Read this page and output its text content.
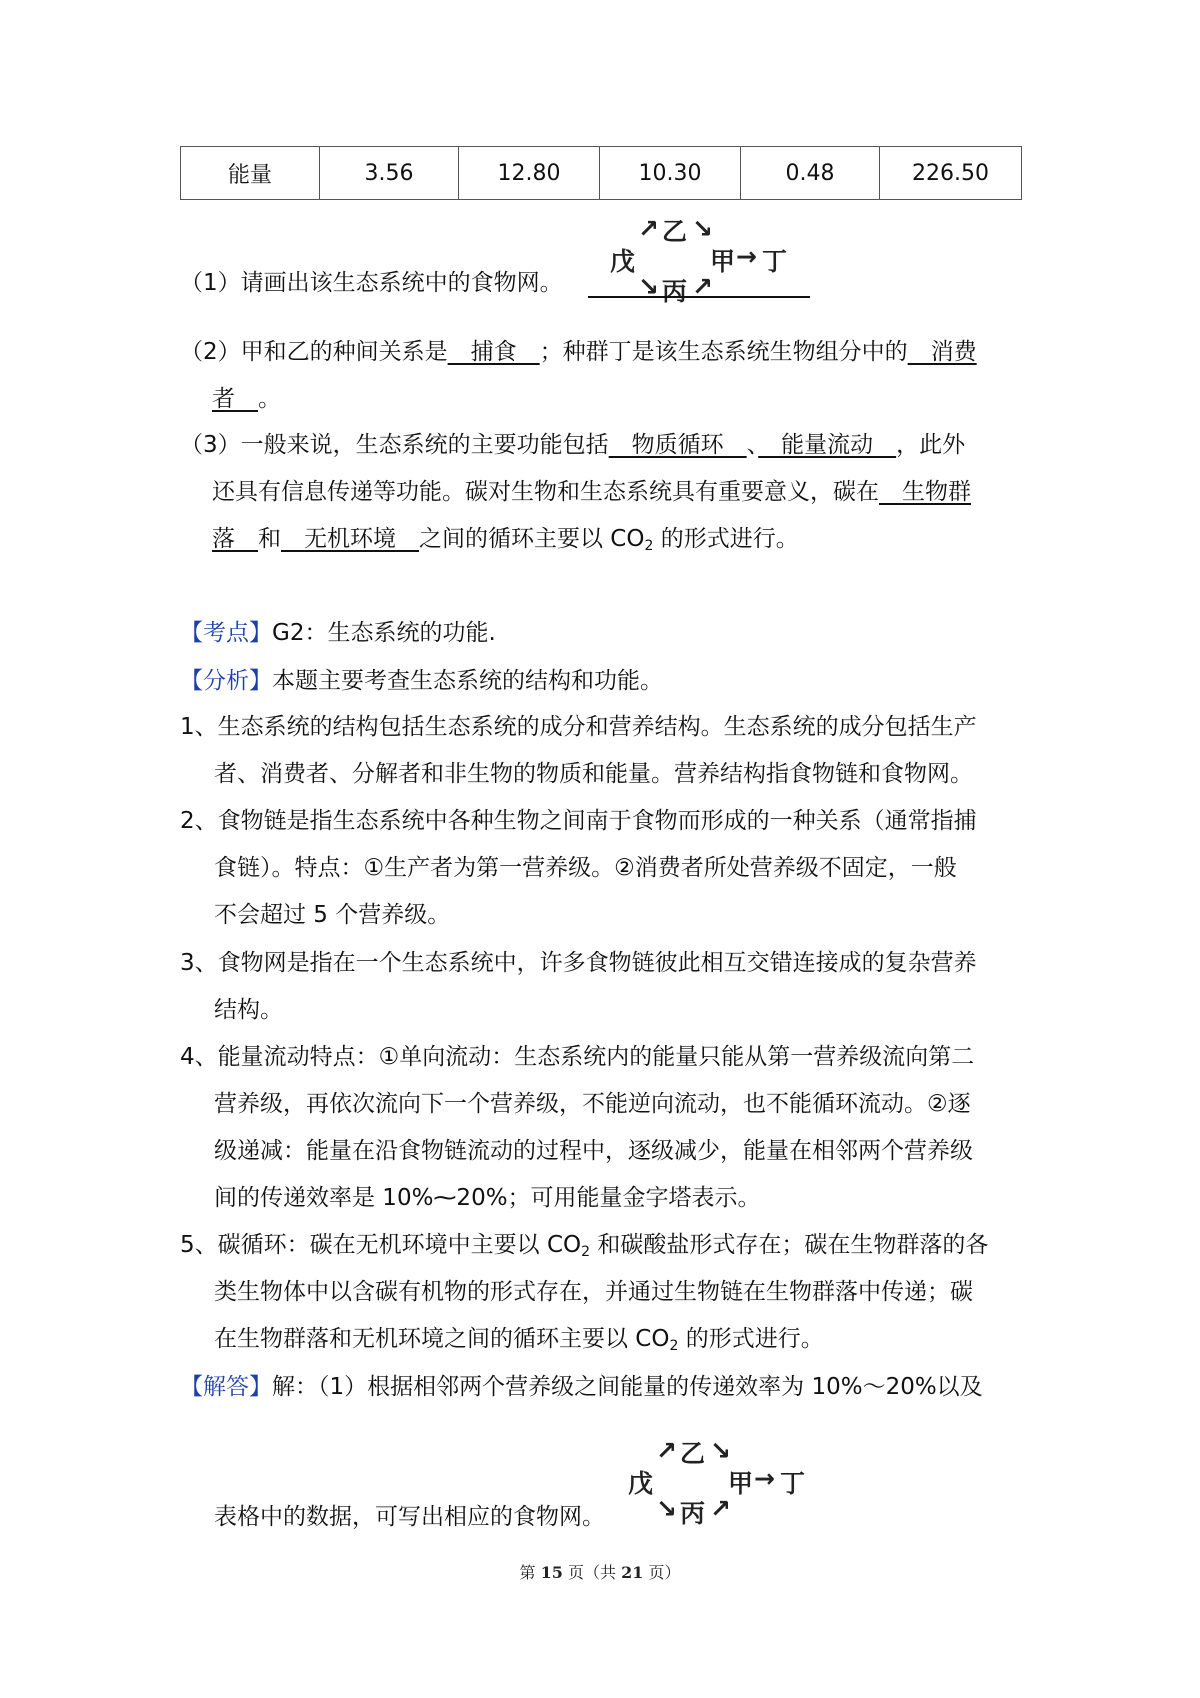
能量	3.56	12.80	10.30	0.48	226.50
↗ 乙 ↘
戊	甲 → 丁
↘ 丙 ↗
（1）请画出该生态系统中的食物网。
（2）甲和乙的种间关系是　捕食　；种群丁是该生态系统生物组分中的　消费
者　。
（3）一般来说，生态系统的主要功能包括　物质循环　、　能量流动　，此外
还具有信息传递等功能。碳对生物和生态系统具有重要意义，碳在　生物群
落　和　无机环境　之间的循环主要以 $CO_2$ 的形式进行。
【考点】G2：生态系统的功能.
【分析】本题主要考查生态系统的结构和功能。
1、生态系统的结构包括生态系统的成分和营养结构。生态系统的成分包括生产
者、消费者、分解者和非生物的物质和能量。营养结构指食物链和食物网。
2、食物链是指生态系统中各种生物之间南于食物而形成的一种关系（通常指捕
食链）。特点：①生产者为第一营养级。②消费者所处营养级不固定，一般
不会超过 5 个营养级。
3、食物网是指在一个生态系统中，许多食物链彼此相互交错连接成的复杂营养
结构。
4、能量流动特点：①单向流动：生态系统内的能量只能从第一营养级流向第二
营养级，再依次流向下一个营养级，不能逆向流动，也不能循环流动。②逐
级递减：能量在沿食物链流动的过程中，逐级减少，能量在相邻两个营养级
间的传递效率是 10%⁓20%；可用能量金字塔表示。
5、碳循环：碳在无机环境中主要以 $CO_2$ 和碳酸盐形式存在；碳在生物群落的各
类生物体中以含碳有机物的形式存在，并通过生物链在生物群落中传递；碳
在生物群落和无机环境之间的循环主要以 $CO_2$ 的形式进行。
【解答】解：（1）根据相邻两个营养级之间能量的传递效率为 10%～20%以及
↗ 乙 ↘
戊	甲 → 丁
↘ 丙 ↗
表格中的数据，可写出相应的食物网。
第 15 页（共 21 页）
